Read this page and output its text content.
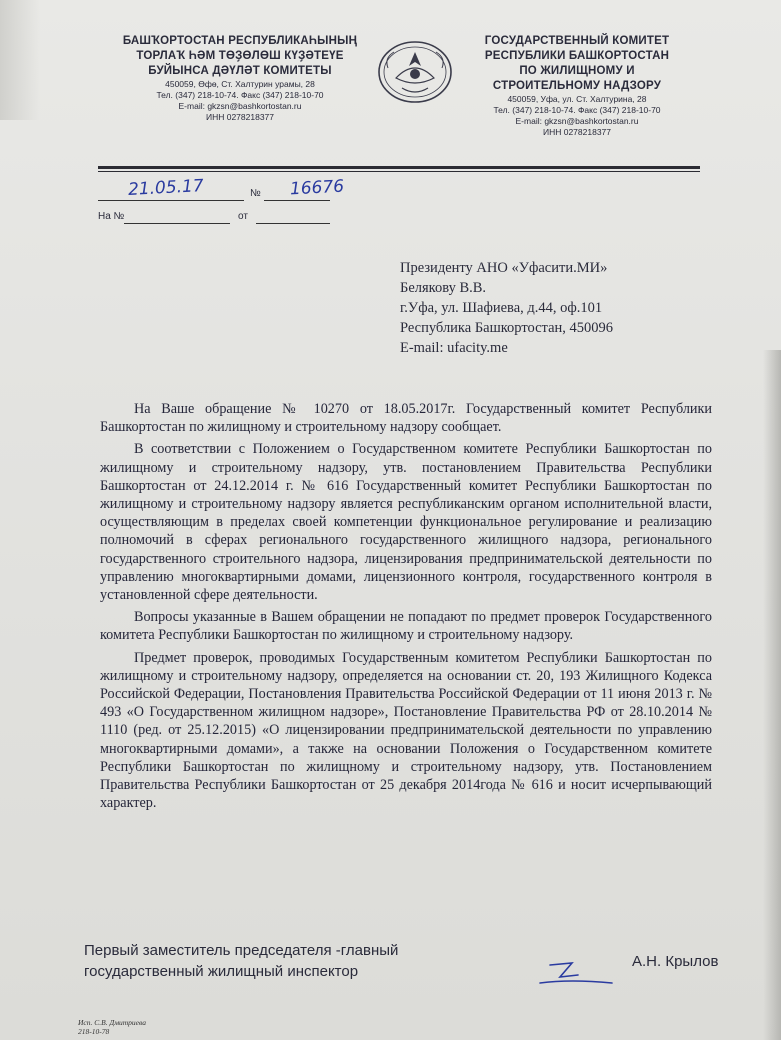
БАШҠОРТОСТАН РЕСПУБЛИКАҺЫНЫҢ
ТОРЛАҠ ҺӘМ ТӨҘӨЛӨШ КҮҘӘТЕҮЕ
БУЙЫНСА ДӘҮЛӘТ КОМИТЕТЫ
450059, Өфө, Ст. Халтурин урамы, 28
Тел. (347) 218-10-74. Факс (347) 218-10-70
E-mail: gkzsn@bashkortostan.ru
ИНН 0278218377
ГОСУДАРСТВЕННЫЙ КОМИТЕТ
РЕСПУБЛИКИ БАШКОРТОСТАН
ПО ЖИЛИЩНОМУ И
СТРОИТЕЛЬНОМУ НАДЗОРУ
450059, Уфа, ул. Ст. Халтурина, 28
Тел. (347) 218-10-74. Факс (347) 218-10-70
E-mail: gkzsn@bashkortostan.ru
ИНН 0278218377
21.05.17	№ 16676
На №	от
Президенту АНО «Уфасити.МИ»
Белякову В.В.
г.Уфа, ул. Шафиева, д.44, оф.101
Республика Башкортостан, 450096
E-mail: ufacity.me

На Ваше обращение № 10270 от 18.05.2017г. Государственный комитет Республики Башкортостан по жилищному и строительному надзору сообщает.

В соответствии с Положением о Государственном комитете Республики Башкортостан по жилищному и строительному надзору, утв. постановлением Правительства Республики Башкортостан от 24.12.2014 г. № 616 Государственный комитет Республики Башкортостан по жилищному и строительному надзору является республиканским органом исполнительной власти, осуществляющим в пределах своей компетенции функциональное регулирование и реализацию полномочий в сферах регионального государственного жилищного надзора, регионального государственного строительного надзора, лицензирования предпринимательской деятельности по управлению многоквартирными домами, лицензионного контроля, государственного контроля в установленной сфере деятельности.

Вопросы указанные в Вашем обращении не попадают по предмет проверок Государственного комитета Республики Башкортостан по жилищному и строительному надзору.

Предмет проверок, проводимых Государственным комитетом Республики Башкортостан по жилищному и строительному надзору, определяется на основании ст. 20, 193 Жилищного Кодекса Российской Федерации, Постановления Правительства Российской Федерации от 11 июня 2013 г. № 493 «О Государственном жилищном надзоре», Постановление Правительства РФ от 28.10.2014 № 1110 (ред. от 25.12.2015) «О лицензировании предпринимательской деятельности по управлению многоквартирными домами», а также на основании Положения о Государственном комитете Республики Башкортостан по жилищному и строительному надзору, утв. Постановлением Правительства Республики Башкортостан от 25 декабря 2014года № 616 и носит исчерпывающий характер.

Первый заместитель председателя -главный
государственный жилищный инспектор
А.Н. Крылов
Исп. С.В. Дмитриева
218-10-78
